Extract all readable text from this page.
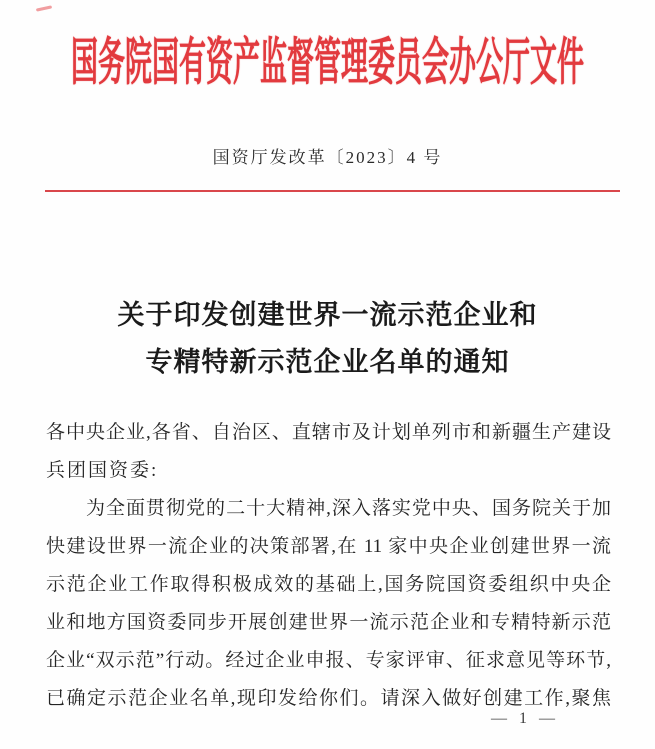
国务院国有资产监督管理委员会办公厅文件
国资厅发改革〔2023〕4 号
关于印发创建世界一流示范企业和
专精特新示范企业名单的通知
各中央企业,各省、自治区、直辖市及计划单列市和新疆生产建设
兵团国资委:
为全面贯彻党的二十大精神,深入落实党中央、国务院关于加
快建设世界一流企业的决策部署,在 11 家中央企业创建世界一流
示范企业工作取得积极成效的基础上,国务院国资委组织中央企
业和地方国资委同步开展创建世界一流示范企业和专精特新示范
企业“双示范”行动。经过企业申报、专家评审、征求意见等环节,
已确定示范企业名单,现印发给你们。请深入做好创建工作,聚焦
— 1 —
